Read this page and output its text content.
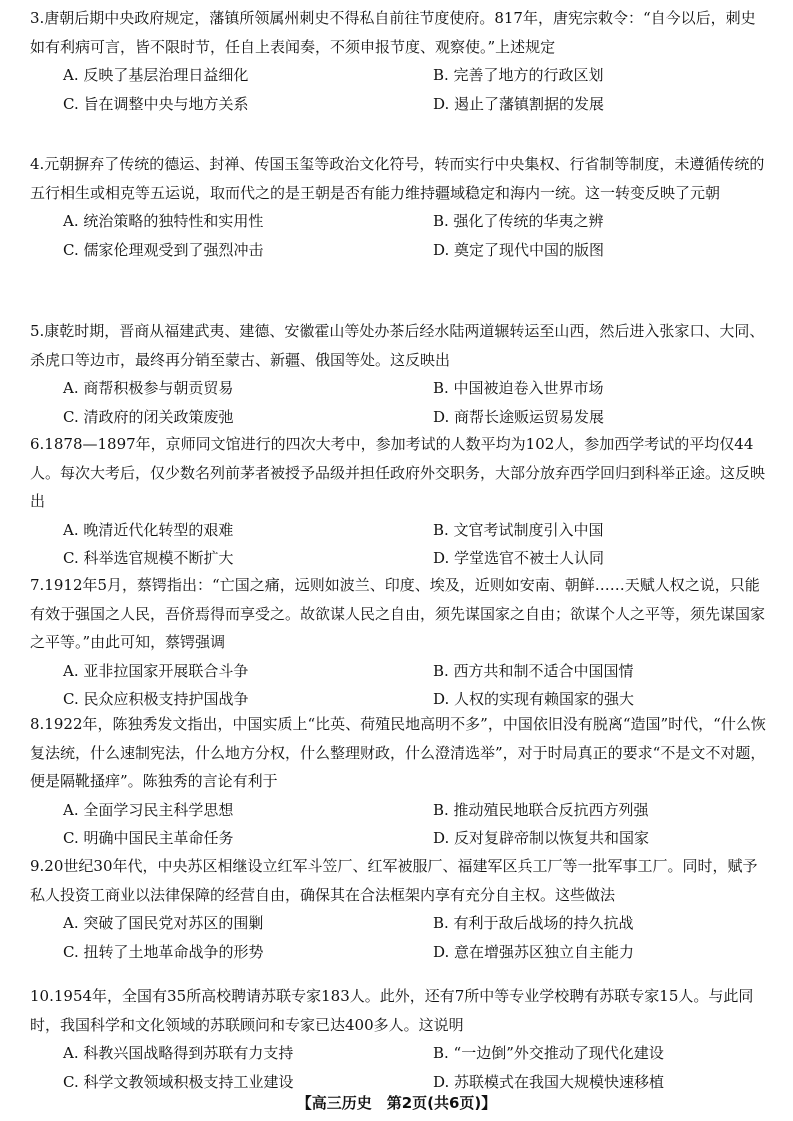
3.唐朝后期中央政府规定，藩镇所领属州刺史不得私自前往节度使府。817年，唐宪宗敕令：“自今以后，刺史如有利病可言，皆不限时节，任自上表闻奏，不须申报节度、观察使。”上述规定

A. 反映了基层治理日益细化	B. 完善了地方的行政区划
C. 旨在调整中央与地方关系	D. 遏止了藩镇割据的发展

4.元朝摒弃了传统的德运、封禅、传国玉玺等政治文化符号，转而实行中央集权、行省制等制度，未遵循传统的五行相生或相克等五运说，取而代之的是王朝是否有能力维持疆域稳定和海内一统。这一转变反映了元朝

A. 统治策略的独特性和实用性	B. 强化了传统的华夷之辨
C. 儒家伦理观受到了强烈冲击	D. 奠定了现代中国的版图

5.康乾时期，晋商从福建武夷、建德、安徽霍山等处办茶后经水陆两道辗转运至山西，然后进入张家口、大同、杀虎口等边市，最终再分销至蒙古、新疆、俄国等处。这反映出

A. 商帮积极参与朝贡贸易	B. 中国被迫卷入世界市场
C. 清政府的闭关政策废弛	D. 商帮长途贩运贸易发展

6.1878—1897年，京师同文馆进行的四次大考中，参加考试的人数平均为102人，参加西学考试的平均仅44人。每次大考后，仅少数名列前茅者被授予品级并担任政府外交职务，大部分放弃西学回归到科举正途。这反映出

A. 晚清近代化转型的艰难	B. 文官考试制度引入中国
C. 科举选官规模不断扩大	D. 学堂选官不被士人认同

7.1912年5月，蔡锷指出：“亡国之痛，远则如波兰、印度、埃及，近则如安南、朝鲜……天赋人权之说，只能有效于强国之人民，吾侪焉得而享受之。故欲谋人民之自由，须先谋国家之自由；欲谋个人之平等，须先谋国家之平等。”由此可知，蔡锷强调

A. 亚非拉国家开展联合斗争	B. 西方共和制不适合中国国情
C. 民众应积极支持护国战争	D. 人权的实现有赖国家的强大

8.1922年，陈独秀发文指出，中国实质上“比英、荷殖民地高明不多”，中国依旧没有脱离“造国”时代，“什么恢复法统，什么速制宪法，什么地方分权，什么整理财政，什么澄清选举”，对于时局真正的要求“不是文不对题，便是隔靴搔痒”。陈独秀的言论有利于

A. 全面学习民主科学思想	B. 推动殖民地联合反抗西方列强
C. 明确中国民主革命任务	D. 反对复辟帝制以恢复共和国家

9.20世纪30年代，中央苏区相继设立红军斗笠厂、红军被服厂、福建军区兵工厂等一批军事工厂。同时，赋予私人投资工商业以法律保障的经营自由，确保其在合法框架内享有充分自主权。这些做法

A. 突破了国民党对苏区的围剿	B. 有利于敌后战场的持久抗战
C. 扭转了土地革命战争的形势	D. 意在增强苏区独立自主能力

10.1954年，全国有35所高校聘请苏联专家183人。此外，还有7所中等专业学校聘有苏联专家15人。与此同时，我国科学和文化领域的苏联顾问和专家已达400多人。这说明

A. 科教兴国战略得到苏联有力支持	B. “一边倒”外交推动了现代化建设
C. 科学文教领域积极支持工业建设	D. 苏联模式在我国大规模快速移植
【高三历史　第2页(共6页)】
